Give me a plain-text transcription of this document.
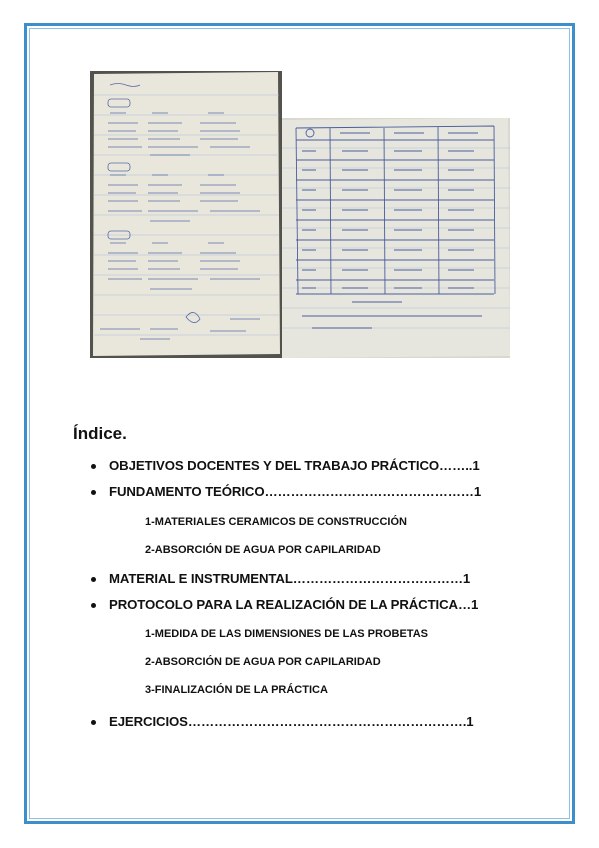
Índice.
OBJETIVOS DOCENTES Y DEL TRABAJO PRÁCTICO……..1
FUNDAMENTO TEÓRICO…………………………………………1
1-MATERIALES CERAMICOS DE CONSTRUCCIÓN
2-ABSORCIÓN DE AGUA POR CAPILARIDAD
MATERIAL E INSTRUMENTAL…………………………………1
PROTOCOLO PARA LA REALIZACIÓN DE LA PRÁCTICA…1
1-MEDIDA DE LAS DIMENSIONES DE LAS PROBETAS
2-ABSORCIÓN DE AGUA POR CAPILARIDAD
3-FINALIZACIÓN DE LA PRÁCTICA
EJERCICIOS……………………………………………………….1
